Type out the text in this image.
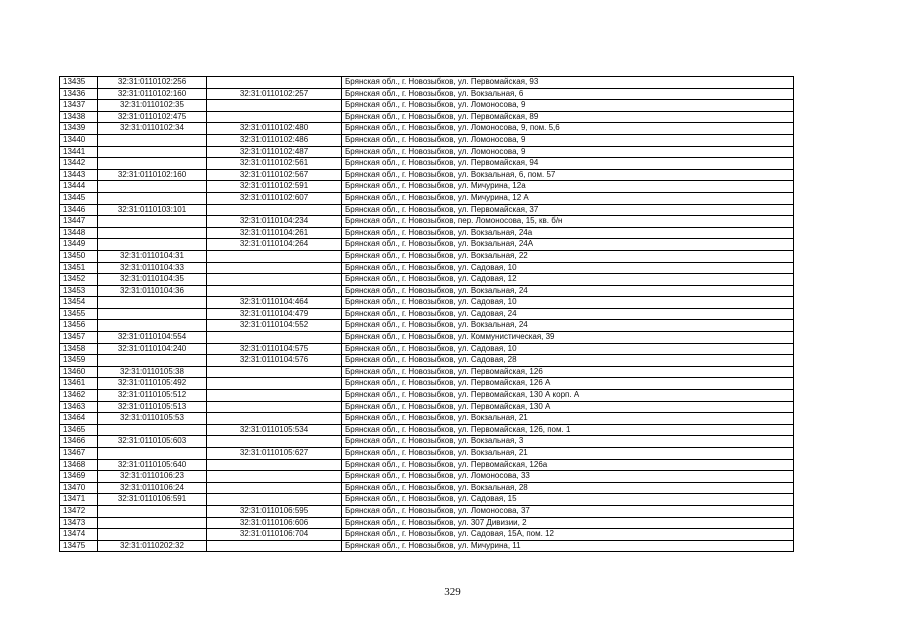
13435	32:31:0110102:256		Брянская обл., г. Новозыбков, ул. Первомайская, 93
13436	32:31:0110102:160	32:31:0110102:257	Брянская обл., г. Новозыбков, ул. Вокзальная, 6
13437	32:31:0110102:35		Брянская обл., г. Новозыбков, ул. Ломоносова, 9
13438	32:31:0110102:475		Брянская обл., г. Новозыбков, ул. Первомайская, 89
13439	32:31:0110102:34	32:31:0110102:480	Брянская обл., г. Новозыбков, ул. Ломоносова, 9, пом. 5,6
13440		32:31:0110102:486	Брянская обл., г. Новозыбков, ул. Ломоносова, 9
13441		32:31:0110102:487	Брянская обл., г. Новозыбков, ул. Ломоносова, 9
13442		32:31:0110102:561	Брянская обл., г. Новозыбков, ул. Первомайская, 94
13443	32:31:0110102:160	32:31:0110102:567	Брянская обл., г. Новозыбков, ул. Вокзальная, 6, пом. 57
13444		32:31:0110102:591	Брянская обл., г. Новозыбков, ул. Мичурина, 12а
13445		32:31:0110102:607	Брянская обл., г. Новозыбков, ул. Мичурина, 12 А
13446	32:31:0110103:101		Брянская обл., г. Новозыбков, ул. Первомайская, 37
13447		32:31:0110104:234	Брянская обл., г. Новозыбков, пер. Ломоносова, 15, кв. б/н
13448		32:31:0110104:261	Брянская обл., г. Новозыбков, ул. Вокзальная, 24а
13449		32:31:0110104:264	Брянская обл., г. Новозыбков, ул. Вокзальная, 24А
13450	32:31:0110104:31		Брянская обл., г. Новозыбков, ул. Вокзальная, 22
13451	32:31:0110104:33		Брянская обл., г. Новозыбков, ул. Садовая, 10
13452	32:31:0110104:35		Брянская обл., г. Новозыбков, ул. Садовая, 12
13453	32:31:0110104:36		Брянская обл., г. Новозыбков, ул. Вокзальная, 24
13454		32:31:0110104:464	Брянская обл., г. Новозыбков, ул. Садовая, 10
13455		32:31:0110104:479	Брянская обл., г. Новозыбков, ул. Садовая, 24
13456		32:31:0110104:552	Брянская обл., г. Новозыбков, ул. Вокзальная, 24
13457	32:31:0110104:554		Брянская обл., г. Новозыбков, ул. Коммунистическая, 39
13458	32:31:0110104:240	32:31:0110104:575	Брянская обл., г. Новозыбков, ул. Садовая, 10
13459		32:31:0110104:576	Брянская обл., г. Новозыбков, ул. Садовая, 28
13460	32:31:0110105:38		Брянская обл., г. Новозыбков, ул. Первомайская, 126
13461	32:31:0110105:492		Брянская обл., г. Новозыбков, ул. Первомайская, 126 А
13462	32:31:0110105:512		Брянская обл., г. Новозыбков, ул. Первомайская, 130 А корп. А
13463	32:31:0110105:513		Брянская обл., г. Новозыбков, ул. Первомайская, 130 А
13464	32:31:0110105:53		Брянская обл., г. Новозыбков, ул. Вокзальная, 21
13465		32:31:0110105:534	Брянская обл., г. Новозыбков, ул. Первомайская, 126, пом. 1
13466	32:31:0110105:603		Брянская обл., г. Новозыбков, ул. Вокзальная, 3
13467		32:31:0110105:627	Брянская обл., г. Новозыбков, ул. Вокзальная, 21
13468	32:31:0110105:640		Брянская обл., г. Новозыбков, ул. Первомайская, 126а
13469	32:31:0110106:23		Брянская обл., г. Новозыбков, ул. Ломоносова, 33
13470	32:31:0110106:24		Брянская обл., г. Новозыбков, ул. Вокзальная, 28
13471	32:31:0110106:591		Брянская обл., г. Новозыбков, ул. Садовая, 15
13472		32:31:0110106:595	Брянская обл., г. Новозыбков, ул. Ломоносова, 37
13473		32:31:0110106:606	Брянская обл., г. Новозыбков, ул. 307 Дивизии, 2
13474		32:31:0110106:704	Брянская обл., г. Новозыбков, ул. Садовая, 15А, пом. 12
13475	32:31:0110202:32		Брянская обл., г. Новозыбков, ул. Мичурина, 11
329
